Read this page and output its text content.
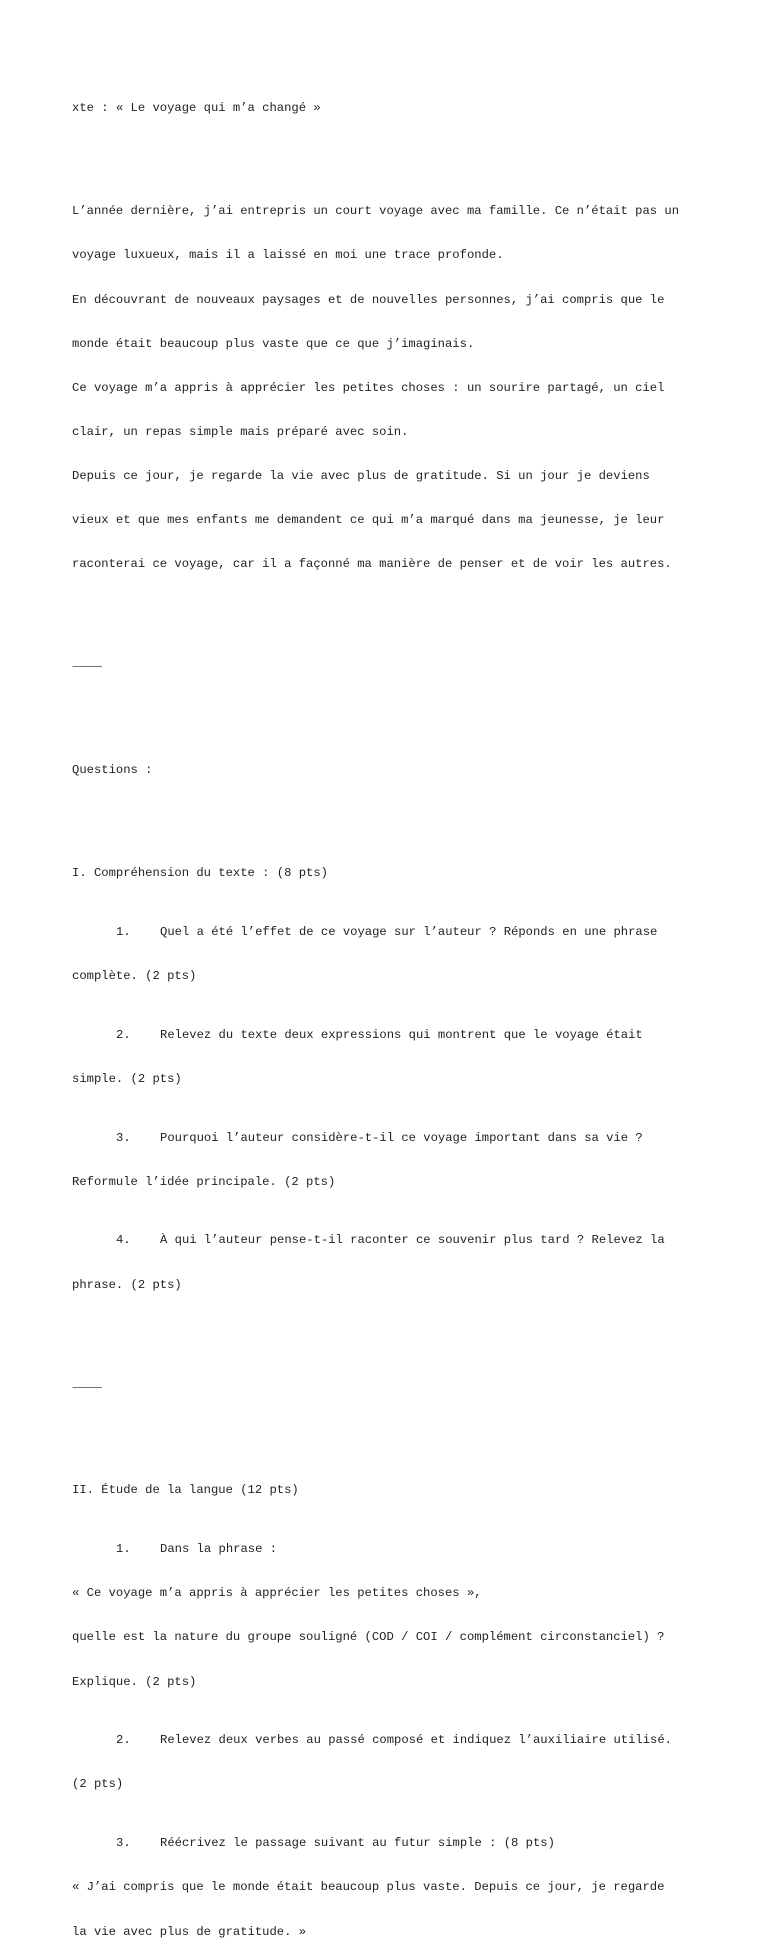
xte : « Le voyage qui m’a changé »

L’année dernière, j’ai entrepris un court voyage avec ma famille. Ce n’était pas un

voyage luxueux, mais il a laissé en moi une trace profonde.

En découvrant de nouveaux paysages et de nouvelles personnes, j’ai compris que le

monde était beaucoup plus vaste que ce que j’imaginais.

Ce voyage m’a appris à apprécier les petites choses : un sourire partagé, un ciel

clair, un repas simple mais préparé avec soin.

Depuis ce jour, je regarde la vie avec plus de gratitude. Si un jour je deviens

vieux et que mes enfants me demandent ce qui m’a marqué dans ma jeunesse, je leur

raconterai ce voyage, car il a façonné ma manière de penser et de voir les autres.

⸻

Questions :

I. Compréhension du texte : (8 pts)

1. Quel a été l’effet de ce voyage sur l’auteur ? Réponds en une phrase

complète. (2 pts)

2. Relevez du texte deux expressions qui montrent que le voyage était

simple. (2 pts)

3. Pourquoi l’auteur considère-t-il ce voyage important dans sa vie ?

Reformule l’idée principale. (2 pts)

4. À qui l’auteur pense-t-il raconter ce souvenir plus tard ? Relevez la

phrase. (2 pts)

⸻

II. Étude de la langue (12 pts)

1. Dans la phrase :

« Ce voyage m’a appris à apprécier les petites choses »,

quelle est la nature du groupe souligné (COD / COI / complément circonstanciel) ?

Explique. (2 pts)

2. Relevez deux verbes au passé composé et indiquez l’auxiliaire utilisé.

(2 pts)

3. Réécrivez le passage suivant au futur simple : (8 pts)

« J’ai compris que le monde était beaucoup plus vaste. Depuis ce jour, je regarde

la vie avec plus de gratitude. »
